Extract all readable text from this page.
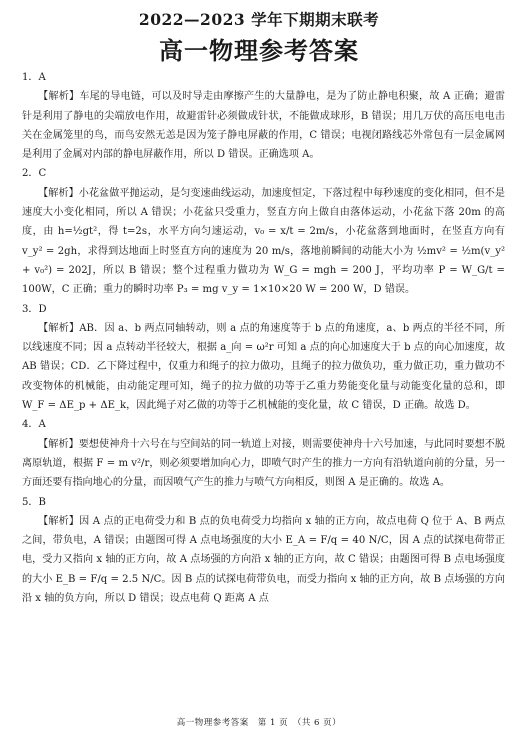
2022—2023 学年下期期末联考
高一物理参考答案
1．A
【解析】车尾的导电链，可以及时导走由摩擦产生的大量静电，是为了防止静电积聚，故 A 正确；避雷针是利用了静电的尖端放电作用，故避雷针必须做成针状，不能做成球形，B 错误；用几万伏的高压电电击关在金属笼里的鸟，而鸟安然无恙是因为笼子静电屏蔽的作用，C 错误；电视闭路线芯外常包有一层金属网是利用了金属对内部的静电屏蔽作用，所以 D 错误。正确选项 A。
2．C
【解析】小花盆做平抛运动，是匀变速曲线运动，加速度恒定，下落过程中每秒速度的变化相同，但不是速度大小变化相同，所以 A 错误；小花盆只受重力，竖直方向上做自由落体运动，小花盆下落 20m 的高度，由 h=½gt²，得 t=2s，水平方向匀速运动，v₀ = x/t = 2m/s，小花盆落到地面时，在竖直方向有 v_y² = 2gh，求得到达地面上时竖直方向的速度为 20 m/s，落地前瞬间的动能大小为 ½mv² = ½m(v_y² + v₀²) = 202J，所以 B 错误；整个过程重力做功为 W_G = mgh = 200 J，平均功率 P = W_G/t = 100W，C 正确；重力的瞬时功率 P₃ = mg v_y = 1×10×20 W = 200 W，D 错误。
3．D
【解析】AB．因 a、b 两点同轴转动，则 a 点的角速度等于 b 点的角速度，a、b 两点的半径不同，所以线速度不同；因 a 点转动半径较大，根据 a_向 = ω²r 可知 a 点的向心加速度大于 b 点的向心加速度，故 AB 错误；CD．乙下降过程中，仅重力和绳子的拉力做功，且绳子的拉力做负功，重力做正功，重力做功不改变物体的机械能，由动能定理可知，绳子的拉力做的功等于乙重力势能变化量与动能变化量的总和，即 W_F = ΔE_p + ΔE_k，因此绳子对乙做的功等于乙机械能的变化量，故 C 错误，D 正确。故选 D。
4．A
【解析】要想使神舟十六号在与空间站的同一轨道上对接，则需要使神舟十六号加速，与此同时要想不脱离原轨道，根据 F = m v²/r，则必须要增加向心力，即喷气时产生的推力一方向有沿轨道向前的分量，另一方面还要有指向地心的分量，而因喷气产生的推力与喷气方向相反，则图 A 是正确的。故选 A。
5．B
【解析】因 A 点的正电荷受力和 B 点的负电荷受力均指向 x 轴的正方向，故点电荷 Q 位于 A、B 两点之间，带负电，A 错误；由题图可得 A 点电场强度的大小 E_A = F/q = 40 N/C，因 A 点的试探电荷带正电，受力又指向 x 轴的正方向，故 A 点场强的方向沿 x 轴的正方向，故 C 错误；由题图可得 B 点电场强度的大小 E_B = F/q = 2.5 N/C。因 B 点的试探电荷带负电，而受力指向 x 轴的正方向，故 B 点场强的方向沿 x 轴的负方向，所以 D 错误；设点电荷 Q 距离 A 点
高一物理参考答案　第 1 页　（共 6 页）
